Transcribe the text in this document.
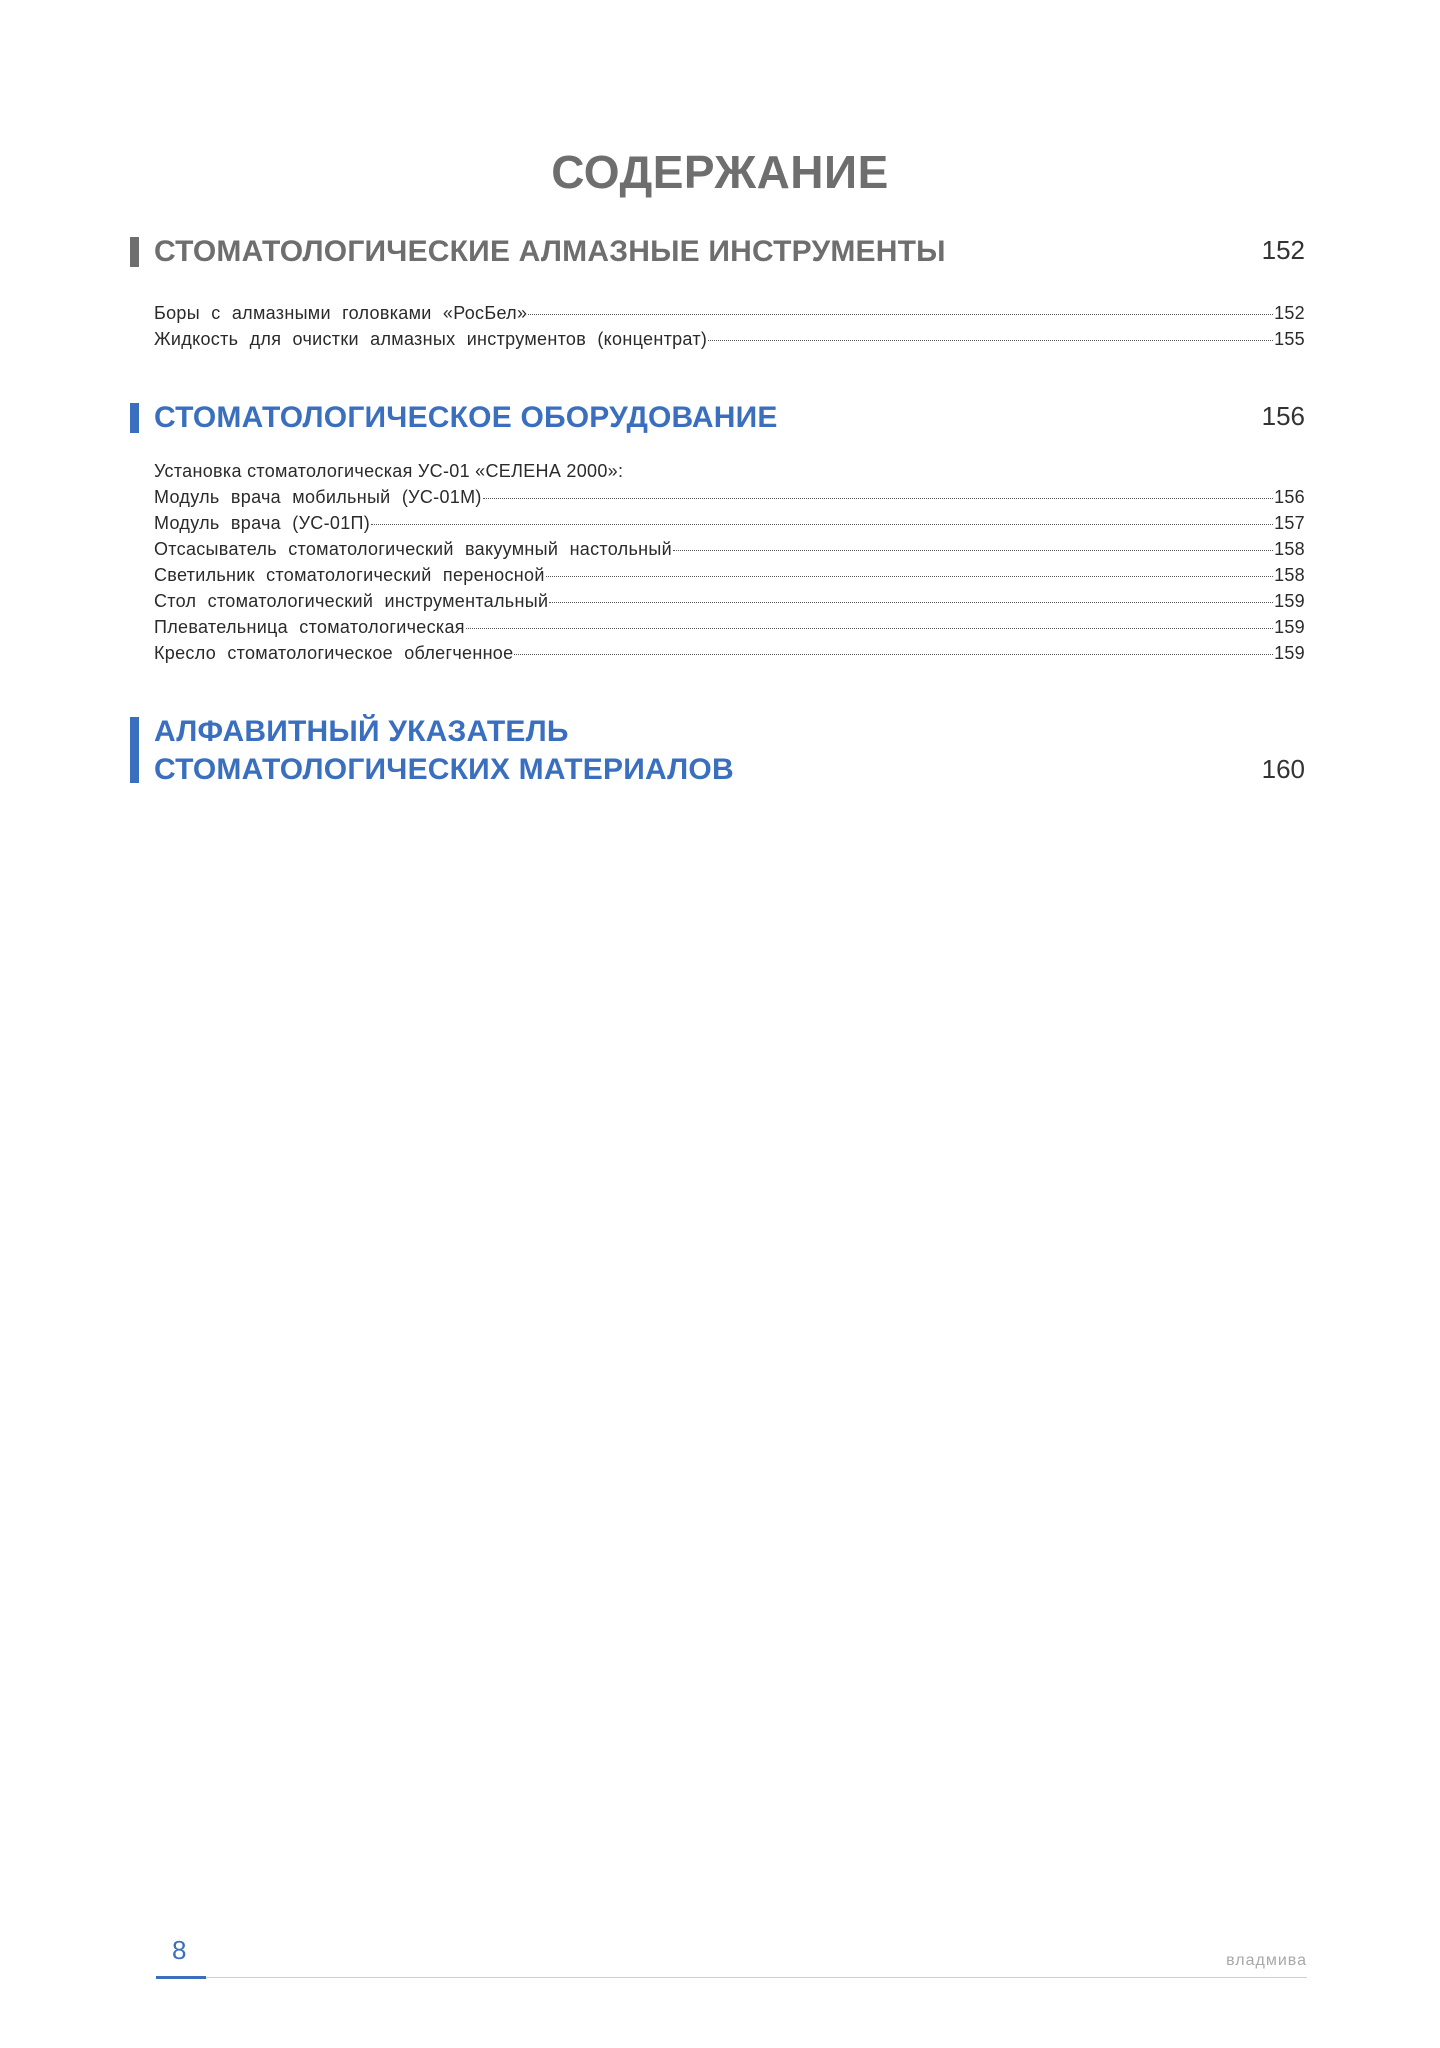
СОДЕРЖАНИЕ
СТОМАТОЛОГИЧЕСКИЕ АЛМАЗНЫЕ ИНСТРУМЕНТЫ	152
Боры с алмазными головками «РосБел»	152
Жидкость для очистки алмазных инструментов (концентрат)	155
СТОМАТОЛОГИЧЕСКОЕ ОБОРУДОВАНИЕ	156
Установка стоматологическая УС-01 «СЕЛЕНА 2000»:
Модуль врача мобильный (УС-01М)	156
Модуль врача (УС-01П)	157
Отсасыватель стоматологический вакуумный настольный	158
Светильник стоматологический переносной	158
Стол стоматологический инструментальный	159
Плевательница стоматологическая	159
Кресло стоматологическое облегченное	159
АЛФАВИТНЫЙ УКАЗАТЕЛЬ
СТОМАТОЛОГИЧЕСКИХ МАТЕРИАЛОВ	160
8	владмива
